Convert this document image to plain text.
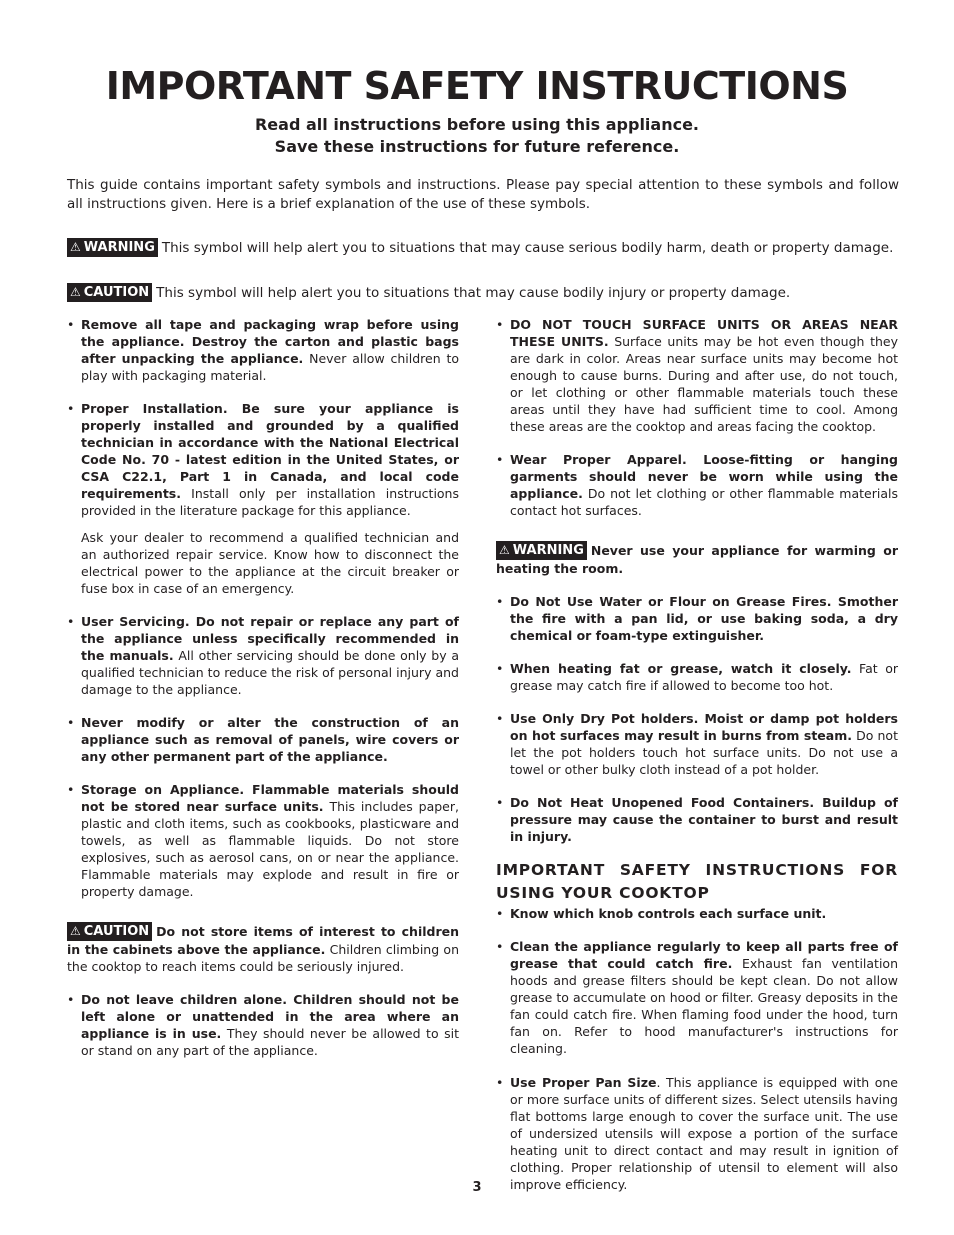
IMPORTANT SAFETY INSTRUCTIONS
Read all instructions before using this appliance.
Save these instructions for future reference.
This guide contains important safety symbols and instructions. Please pay special attention to these symbols and follow all instructions given. Here is a brief explanation of the use of these symbols.
⚠ WARNING This symbol will help alert you to situations that may cause serious bodily harm, death or property damage.
⚠ CAUTION This symbol will help alert you to situations that may cause bodily injury or property damage.
• Remove all tape and packaging wrap before using the appliance. Destroy the carton and plastic bags after unpacking the appliance. Never allow children to play with packaging material.
• Proper Installation. Be sure your appliance is properly installed and grounded by a qualified technician in accordance with the National Electrical Code No. 70 - latest edition in the United States, or CSA C22.1, Part 1 in Canada, and local code requirements. Install only per installation instructions provided in the literature package for this appliance.
Ask your dealer to recommend a qualified technician and an authorized repair service. Know how to disconnect the electrical power to the appliance at the circuit breaker or fuse box in case of an emergency.
• User Servicing. Do not repair or replace any part of the appliance unless specifically recommended in the manuals. All other servicing should be done only by a qualified technician to reduce the risk of personal injury and damage to the appliance.
• Never modify or alter the construction of an appliance such as removal of panels, wire covers or any other permanent part of the appliance.
• Storage on Appliance. Flammable materials should not be stored near surface units. This includes paper, plastic and cloth items, such as cookbooks, plasticware and towels, as well as flammable liquids. Do not store explosives, such as aerosol cans, on or near the appliance. Flammable materials may explode and result in fire or property damage.
⚠ CAUTION Do not store items of interest to children in the cabinets above the appliance. Children climbing on the cooktop to reach items could be seriously injured.
• Do not leave children alone. Children should not be left alone or unattended in the area where an appliance is in use. They should never be allowed to sit or stand on any part of the appliance.
• DO NOT TOUCH SURFACE UNITS OR AREAS NEAR THESE UNITS. Surface units may be hot even though they are dark in color. Areas near surface units may become hot enough to cause burns. During and after use, do not touch, or let clothing or other flammable materials touch these areas until they have had sufficient time to cool. Among these areas are the cooktop and areas facing the cooktop.
• Wear Proper Apparel. Loose-fitting or hanging garments should never be worn while using the appliance. Do not let clothing or other flammable materials contact hot surfaces.
⚠ WARNING Never use your appliance for warming or heating the room.
• Do Not Use Water or Flour on Grease Fires. Smother the fire with a pan lid, or use baking soda, a dry chemical or foam-type extinguisher.
• When heating fat or grease, watch it closely. Fat or grease may catch fire if allowed to become too hot.
• Use Only Dry Pot holders. Moist or damp pot holders on hot surfaces may result in burns from steam. Do not let the pot holders touch hot surface units. Do not use a towel or other bulky cloth instead of a pot holder.
• Do Not Heat Unopened Food Containers. Buildup of pressure may cause the container to burst and result in injury.
IMPORTANT SAFETY INSTRUCTIONS FOR USING YOUR COOKTOP
• Know which knob controls each surface unit.
• Clean the appliance regularly to keep all parts free of grease that could catch fire. Exhaust fan ventilation hoods and grease filters should be kept clean. Do not allow grease to accumulate on hood or filter. Greasy deposits in the fan could catch fire. When flaming food under the hood, turn fan on. Refer to hood manufacturer's instructions for cleaning.
• Use Proper Pan Size. This appliance is equipped with one or more surface units of different sizes. Select utensils having flat bottoms large enough to cover the surface unit. The use of undersized utensils will expose a portion of the surface heating unit to direct contact and may result in ignition of clothing. Proper relationship of utensil to element will also improve efficiency.
3
